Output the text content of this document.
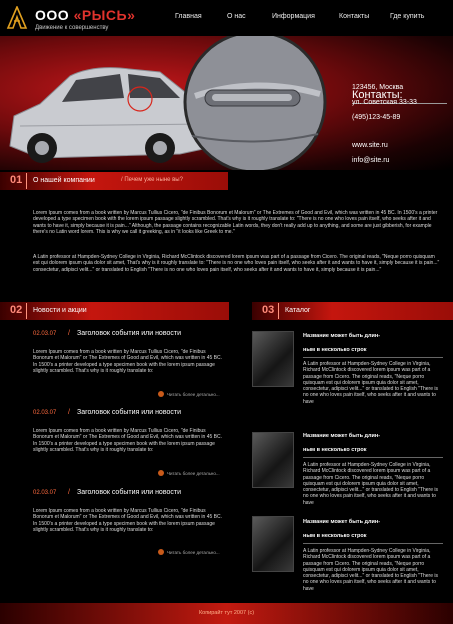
ООО «РЫСЬ»
Движение к совершенству
Главная	О нас	Информация	Контакты	Где купить
Контакты:
123456, Москва
ул. Советская 33-33
(495)123-45-89
www.site.ru
info@site.ru
01 О нашей компании	/ Печем уже ныне вы?

Lorem Ipsum comes from a book written by Marcus Tullius Cicero, "de Finibus Bonorum et Malorum" or The Extremes of Good and Evil, which was written in 45 BC. In 1500's a printer developed a type specimen book with the lorem ipsum passage slightly scrambled. That's why is it roughly translate to: "There is no one who loves pain itself, who seeks after it and wants to have it, simply because it is pain..." Although, the passage contains recognizable Latin words, they don't really add up to anything, and some are just gibberish, for example there's no Latin word lorem. This is why we call it greeking, as in "it looks like Greek to me."

A Latin professor at Hampden-Sydney College in Virginia, Richard McClintock discovered lorem ipsum was part of a passage from Cicero. The original reads, "Neque porro quisquam est qui dolorem ipsum quia dolor sit amet, That's why is it roughly translate to: "There is no one who loves pain itself, who seeks after it and wants to have it, simply because it is pain..." consectetur, adipisci velit..." or translated to English "There is no one who loves pain itself, who seeks after it and wants to have it, simply because it is pain..."

02 Новости и акции
02.03.07 / Заголовок события или новости

Lorem Ipsum comes from a book written by Marcus Tullius Cicero, "de Finibus Bonorum et Malorum" or The Extremes of Good and Evil, which was written in 45 BC. In 1500's a printer developed a type specimen book with the lorem ipsum passage slightly scrambled. That's why is it roughly translate to:

Читать более детально...
02.03.07 / Заголовок события или новости

Lorem Ipsum comes from a book written by Marcus Tullius Cicero, "de Finibus Bonorum et Malorum" or The Extremes of Good and Evil, which was written in 45 BC. In 1500's a printer developed a type specimen book with the lorem ipsum passage slightly scrambled. That's why is it roughly translate to:

Читать более детально...
02.03.07 / Заголовок события или новости

Lorem Ipsum comes from a book written by Marcus Tullius Cicero, "de Finibus Bonorum et Malorum" or The Extremes of Good and Evil, which was written in 45 BC. In 1500's a printer developed a type specimen book with the lorem ipsum passage slightly scrambled. That's why is it roughly translate to:

Читать более детально...
03 Каталог
Название может быть длин-
ным в несколько строк

A Latin professor at Hampden-Sydney College in Virginia, Richard McClintock discovered lorem ipsum was part of a passage from Cicero. The original reads, "Neque porro quisquam est qui dolorem ipsum quia dolor sit amet, consectetur, adipisci velit..." or translated to English "There is no one who loves pain itself, who seeks after it and wants to have

Название может быть длин-
ным в несколько строк

A Latin professor at Hampden-Sydney College in Virginia, Richard McClintock discovered lorem ipsum was part of a passage from Cicero. The original reads, "Neque porro quisquam est qui dolorem ipsum quia dolor sit amet, consectetur, adipisci velit..." or translated to English "There is no one who loves pain itself, who seeks after it and wants to have

Название может быть длин-
ным в несколько строк

A Latin professor at Hampden-Sydney College in Virginia, Richard McClintock discovered lorem ipsum was part of a passage from Cicero. The original reads, "Neque porro quisquam est qui dolorem ipsum quia dolor sit amet, consectetur, adipisci velit..." or translated to English "There is no one who loves pain itself, who seeks after it and wants to have

Копирайт тут 2007 (с)
